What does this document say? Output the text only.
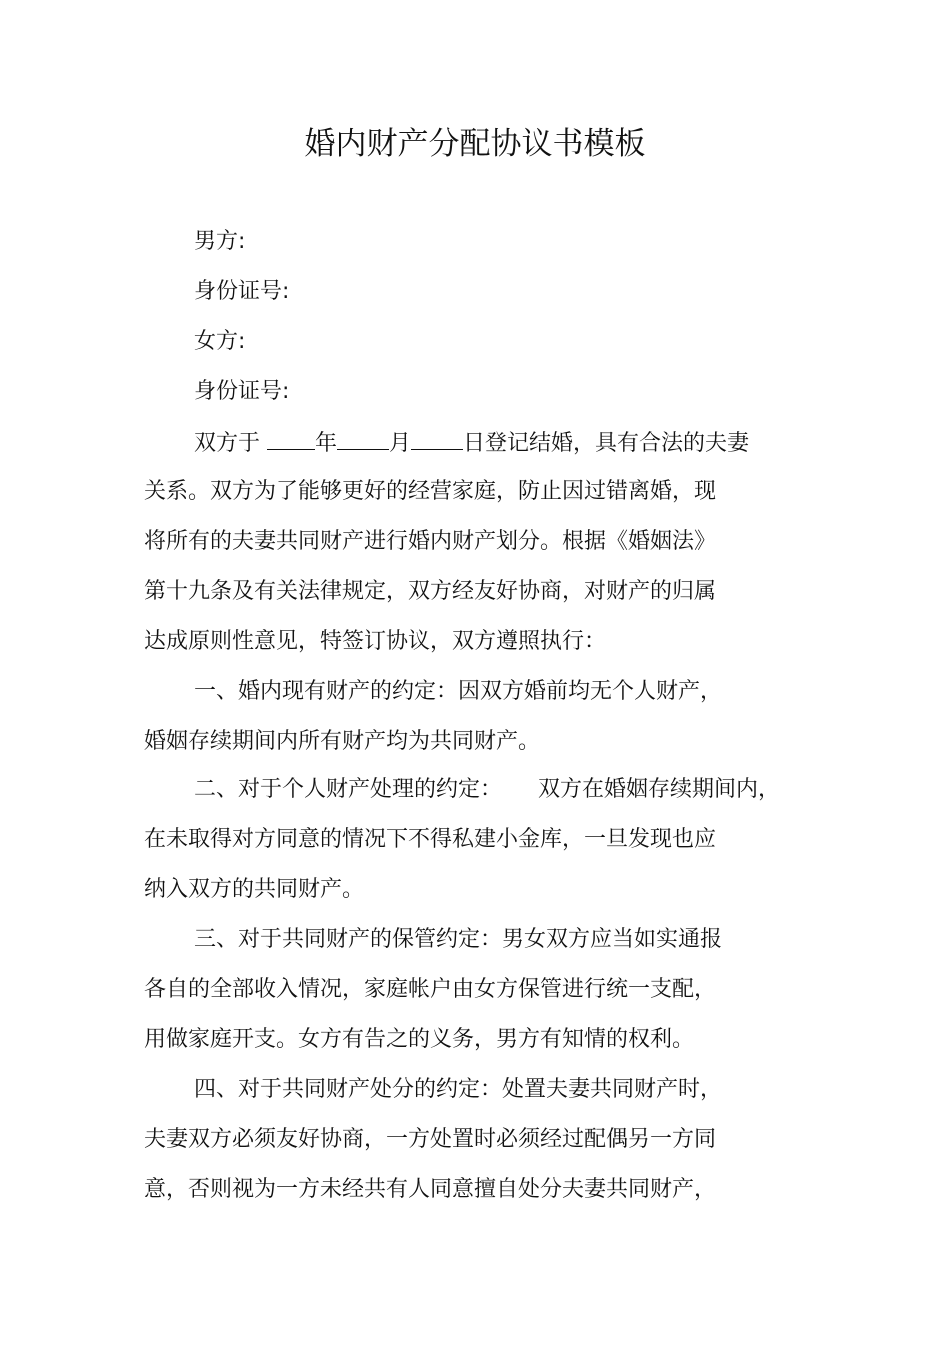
婚内财产分配协议书模板
男方:
身份证号:
女方:
身份证号:
双方于	年 月 日登记结婚，具有合法的夫妻
关系。双方为了能够更好的经营家庭，防止因过错离婚，现
将所有的夫妻共同财产进行婚内财产划分。根据《婚姻法》
第十九条及有关法律规定，双方经友好协商，对财产的归属
达成原则性意见，特签订协议，双方遵照执行：
一、婚内现有财产的约定：因双方婚前均无个人财产，
婚姻存续期间内所有财产均为共同财产。
二、对于个人财产处理的约定： 双方在婚姻存续期间内，
在未取得对方同意的情况下不得私建小金库，一旦发现也应
纳入双方的共同财产。
三、对于共同财产的保管约定：男女双方应当如实通报
各自的全部收入情况，家庭帐户由女方保管进行统一支配，
用做家庭开支。女方有告之的义务，男方有知情的权利。
四、对于共同财产处分的约定：处置夫妻共同财产时，
夫妻双方必须友好协商，一方处置时必须经过配偶另一方同
意，否则视为一方未经共有人同意擅自处分夫妻共同财产，
